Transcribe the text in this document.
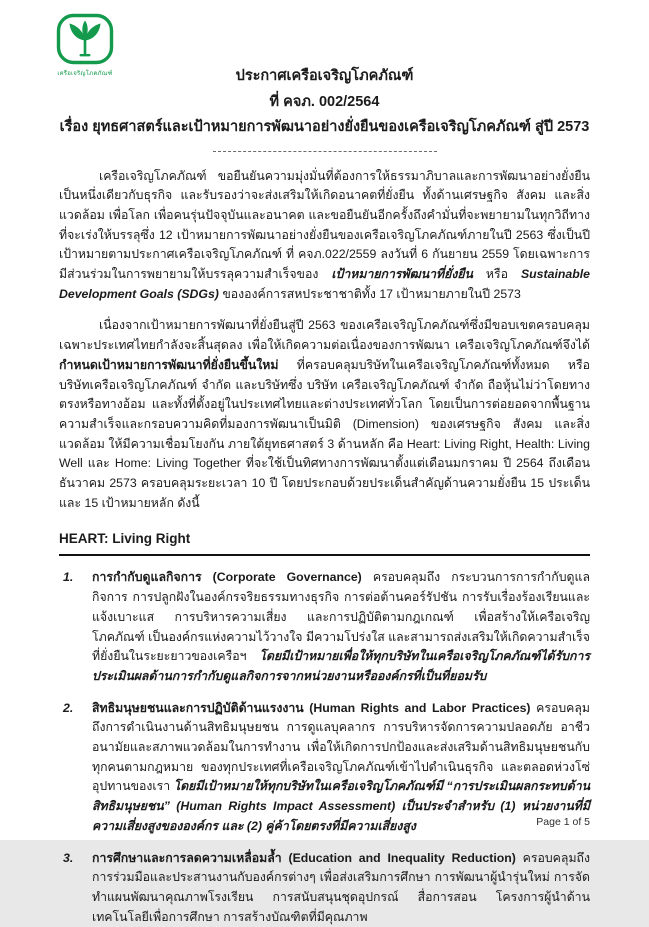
เครือเจริญโภคภัณฑ์	ประกาศเครือเจริญโภคภัณฑ์
ที่ คจภ. 002/2564
เรื่อง ยุทธศาสตร์และเป้าหมายการพัฒนาอย่างยั่งยืนของเครือเจริญโภคภัณฑ์ สู่ปี 2573

เครือเจริญโภคภัณฑ์ ขอยืนยันความมุ่งมั่นที่ต้องการให้ธรรมาภิบาลและการพัฒนาอย่างยั่งยืนเป็นหนึ่งเดียวกับธุรกิจ และรับรองว่าจะส่งเสริมให้เกิดอนาคตที่ยั่งยืน ทั้งด้านเศรษฐกิจ สังคม และสิ่งแวดล้อม เพื่อโลก เพื่อคนรุ่นปัจจุบันและอนาคต และขอยืนยันอีกครั้งถึงคำมั่นที่จะพยายามในทุกวิถีทางที่จะเร่งให้บรรลุซึ่ง 12 เป้าหมายการพัฒนาอย่างยั่งยืนของเครือเจริญโภคภัณฑ์ภายในปี 2563 ซึ่งเป็นปีเป้าหมายตามประกาศเครือเจริญโภคภัณฑ์ ที่ คจภ.022/2559 ลงวันที่ 6 กันยายน 2559 โดยเฉพาะการมีส่วนร่วมในการพยายามให้บรรลุความสำเร็จของ เป้าหมายการพัฒนาที่ยั่งยืน หรือ Sustainable Development Goals (SDGs) ขององค์การสหประชาชาติทั้ง 17 เป้าหมายภายในปี 2573

เนื่องจากเป้าหมายการพัฒนาที่ยั่งยืนสู่ปี 2563 ของเครือเจริญโภคภัณฑ์ซึ่งมีขอบเขตครอบคลุมเฉพาะประเทศไทยกำลังจะสิ้นสุดลง เพื่อให้เกิดความต่อเนื่องของการพัฒนา เครือเจริญโภคภัณฑ์จึงได้กำหนดเป้าหมายการพัฒนาที่ยั่งยืนขึ้นใหม่ ที่ครอบคลุมบริษัทในเครือเจริญโภคภัณฑ์ทั้งหมด หรือบริษัทเครือเจริญโภคภัณฑ์ จำกัด และบริษัทซึ่ง บริษัท เครือเจริญโภคภัณฑ์ จำกัด ถือหุ้นไม่ว่าโดยทางตรงหรือทางอ้อม และทั้งที่ตั้งอยู่ในประเทศไทยและต่างประเทศทั่วโลก โดยเป็นการต่อยอดจากพื้นฐานความสำเร็จและกรอบความคิดที่มองการพัฒนาเป็นมิติ (Dimension) ของเศรษฐกิจ สังคม และสิ่งแวดล้อม ให้มีความเชื่อมโยงกัน ภายใต้ยุทธศาสตร์ 3 ด้านหลัก คือ Heart: Living Right, Health: Living Well และ Home: Living Together ที่จะใช้เป็นทิศทางการพัฒนาตั้งแต่เดือนมกราคม ปี 2564 ถึงเดือนธันวาคม 2573 ครอบคลุมระยะเวลา 10 ปี โดยประกอบด้วยประเด็นสำคัญด้านความยั่งยืน 15 ประเด็นและ 15 เป้าหมายหลัก ดังนี้

HEART: Living Right
1. การกำกับดูแลกิจการ (Corporate Governance) ครอบคลุมถึง กระบวนการการกำกับดูแลกิจการ การปลูกฝังในองค์กรจริยธรรมทางธุรกิจ การต่อต้านคอร์รัปชัน การรับเรื่องร้องเรียนและแจ้งเบาะแส การบริหารความเสี่ยง และการปฏิบัติตามกฎเกณฑ์ เพื่อสร้างให้เครือเจริญโภคภัณฑ์ เป็นองค์กรแห่งความไว้วางใจ มีความโปร่งใส และสามารถส่งเสริมให้เกิดความสำเร็จที่ยั่งยืนในระยะยาวของเครือฯ โดยมีเป้าหมายเพื่อให้ทุกบริษัทในเครือเจริญโภคภัณฑ์ได้รับการประเมินผลด้านการกำกับดูแลกิจการจากหน่วยงานหรือองค์กรที่เป็นที่ยอมรับ
2. สิทธิมนุษยชนและการปฏิบัติด้านแรงงาน (Human Rights and Labor Practices) ครอบคลุมถึงการดำเนินงานด้านสิทธิมนุษยชน การดูแลบุคลากร การบริหารจัดการความปลอดภัย อาชีวอนามัยและสภาพแวดล้อมในการทำงาน เพื่อให้เกิดการปกป้องและส่งเสริมด้านสิทธิมนุษยชนกับทุกคนตามกฎหมาย ของทุกประเทศที่เครือเจริญโภคภัณฑ์เข้าไปดำเนินธุรกิจ และตลอดห่วงโซ่อุปทานของเรา โดยมีเป้าหมายให้ทุกบริษัทในเครือเจริญโภคภัณฑ์มี “การประเมินผลกระทบด้านสิทธิมนุษยชน” (Human Rights Impact Assessment) เป็นประจำสำหรับ (1) หน่วยงานที่มีความเสี่ยงสูงขององค์กร และ (2) คู่ค้าโดยตรงที่มีความเสี่ยงสูง
3. การศึกษาและการลดความเหลื่อมล้ำ (Education and Inequality Reduction) ครอบคลุมถึงการร่วมมือและประสานงานกับองค์กรต่างๆ เพื่อส่งเสริมการศึกษา การพัฒนาผู้นำรุ่นใหม่ การจัดทำแผนพัฒนาคุณภาพโรงเรียน การสนับสนุนชุดอุปกรณ์ สื่อการสอน โครงการผู้นำด้านเทคโนโลยีเพื่อการศึกษา การสร้างบัณฑิตที่มีคุณภาพ
Page 1 of 5
